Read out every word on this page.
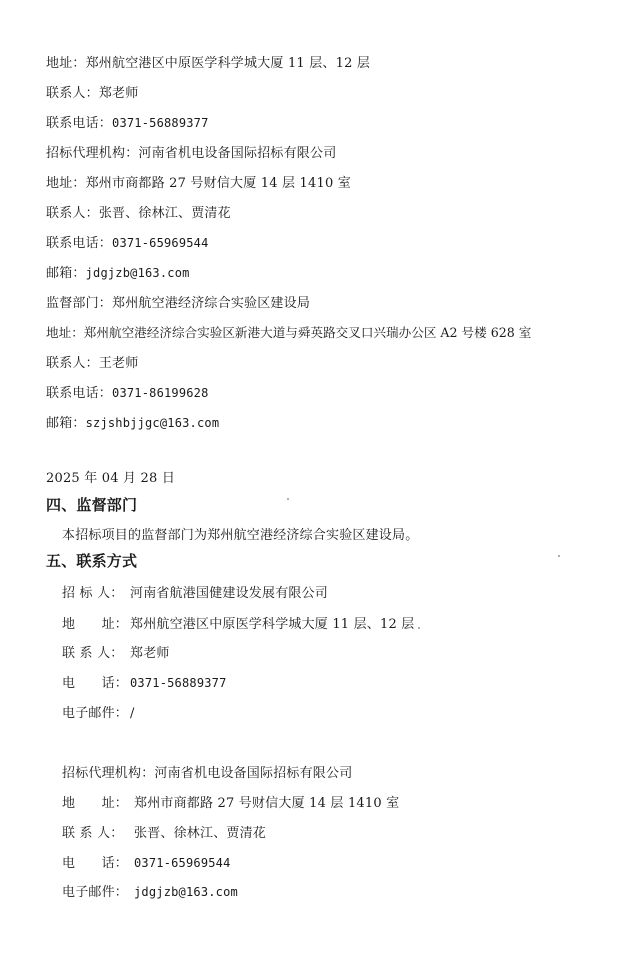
地址：郑州航空港区中原医学科学城大厦 11 层、12 层
联系人：郑老师
联系电话：0371-56889377
招标代理机构：河南省机电设备国际招标有限公司
地址：郑州市商都路 27 号财信大厦 14 层 1410 室
联系人：张晋、徐林江、贾清花
联系电话：0371-65969544
邮箱：jdgjzb@163.com
监督部门：郑州航空港经济综合实验区建设局
地址：郑州航空港经济综合实验区新港大道与舜英路交叉口兴瑞办公区 A2 号楼 628 室
联系人：王老师
联系电话：0371-86199628
邮箱：szjshbjjgc@163.com
2025 年 04 月 28 日
四、监督部门
本招标项目的监督部门为郑州航空港经济综合实验区建设局。
五、联系方式
招 标 人： 河南省航港国健建设发展有限公司
地　　址： 郑州航空港区中原医学科学城大厦 11 层、12 层
联 系 人： 郑老师
电　　话： 0371-56889377
电子邮件： /
招标代理机构：河南省机电设备国际招标有限公司
地　　址： 郑州市商都路 27 号财信大厦 14 层 1410 室
联 系 人： 张晋、徐林江、贾清花
电　　话： 0371-65969544
电子邮件： jdgjzb@163.com
